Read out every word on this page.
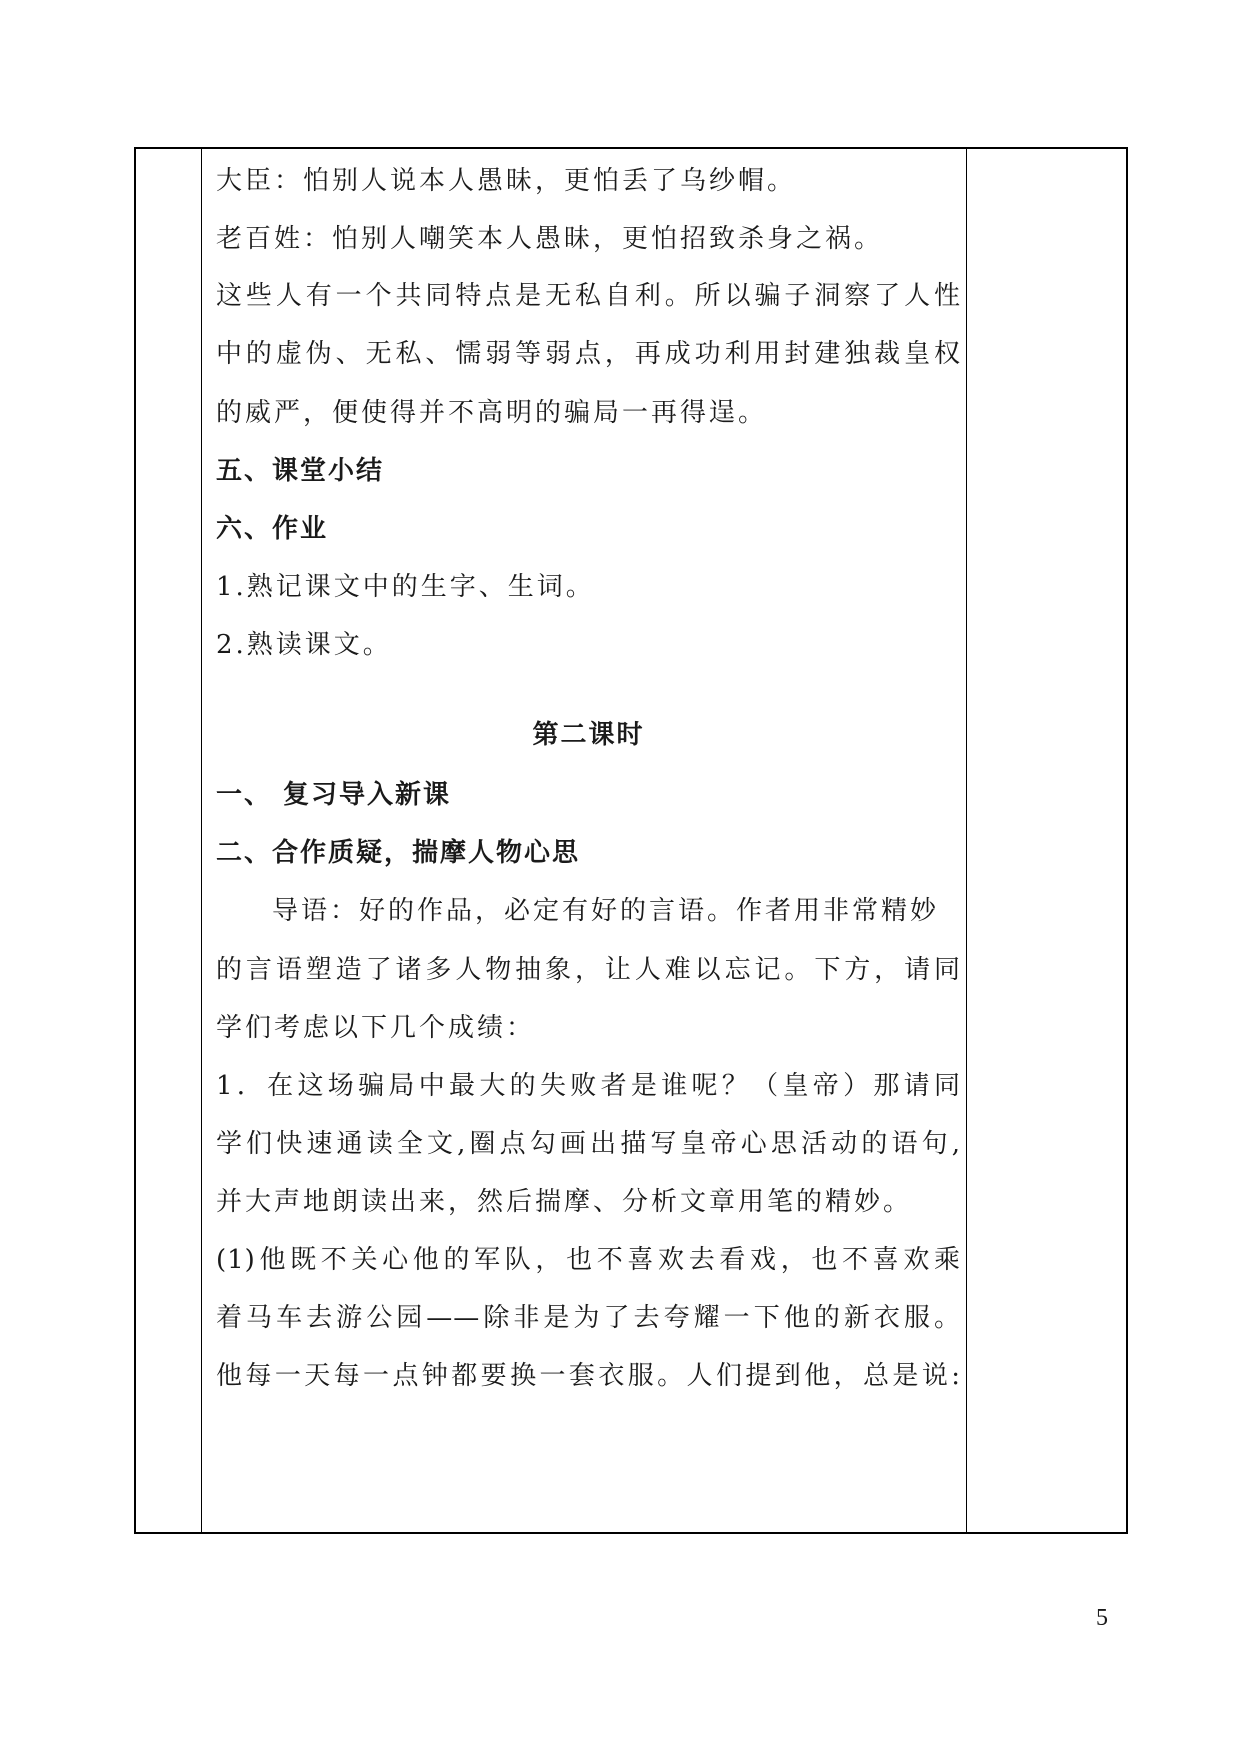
大臣：怕别人说本人愚昧，更怕丢了乌纱帽。
老百姓：怕别人嘲笑本人愚昧，更怕招致杀身之祸。
这些人有一个共同特点是无私自利。所以骗子洞察了人性
中的虚伪、无私、懦弱等弱点，再成功利用封建独裁皇权
的威严，便使得并不高明的骗局一再得逞。
五、课堂小结
六、作业
1.熟记课文中的生字、生词。
2.熟读课文。
第二课时
一、 复习导入新课
二、合作质疑，揣摩人物心思
导语：好的作品，必定有好的言语。作者用非常精妙
的言语塑造了诸多人物抽象，让人难以忘记。下方，请同
学们考虑以下几个成绩：
1．在这场骗局中最大的失败者是谁呢？（皇帝）那请同
学们快速通读全文,圈点勾画出描写皇帝心思活动的语句,
并大声地朗读出来，然后揣摩、分析文章用笔的精妙。
(1)他既不关心他的军队，也不喜欢去看戏，也不喜欢乘
着马车去游公园——除非是为了去夸耀一下他的新衣服。
他每一天每一点钟都要换一套衣服。人们提到他，总是说:
5
